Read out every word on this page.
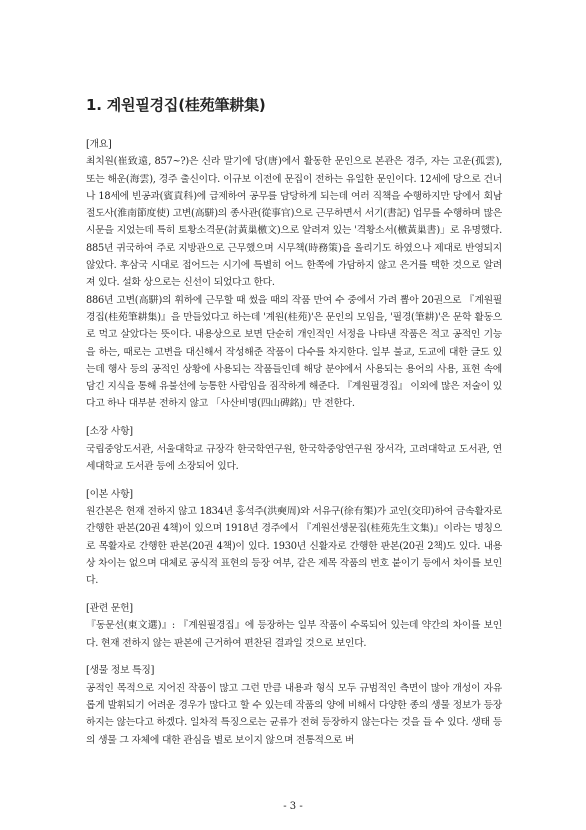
1. 계원필경집(桂苑筆耕集)
[개요]

최치원(崔致遠, 857~?)은 신라 말기에 당(唐)에서 활동한 문인으로 본관은 경주, 자는 고운(孤雲), 또는 해운(海雲), 경주 출신이다. 이규보 이전에 문집이 전하는 유일한 문인이다. 12세에 당으로 건너나 18세에 빈공과(賓貢科)에 급제하여 공무를 담당하게 되는데 여러 직책을 수행하지만 당에서 회남절도사(淮南節度使) 고변(高駢)의 종사관(從事官)으로 근무하면서 서기(書記) 업무를 수행하며 많은 시문을 지었는데 특히 토황소격문(討黃巢檄文)으로 알려져 있는 '격황소서(檄黃巢書)」로 유명했다. 885년 귀국하여 주로 지방관으로 근무했으며 시무책(時務策)을 올리기도 하였으나 제대로 반영되지 않았다. 후삼국 시대로 접어드는 시기에 특별히 어느 한쪽에 가담하지 않고 은거를 택한 것으로 알려져 있다. 설화 상으로는 신선이 되었다고 한다.

886년 고변(高駢)의 휘하에 근무할 때 썼을 때의 작품 만여 수 중에서 가려 뽑아 20권으로 『계원필경집(桂苑筆耕集)』을 만들었다고 하는데 '계원(桂苑)'은 문인의 모임을, '필경(筆耕)'은 문학 활동으로 먹고 살았다는 뜻이다. 내용상으로 보면 단순히 개인적인 서정을 나타낸 작품은 적고 공적인 기능을 하는, 때로는 고변을 대신해서 작성해준 작품이 다수를 차지한다. 일부 불교, 도교에 대한 글도 있는데 행사 등의 공적인 상황에 사용되는 작품들인데 해당 분야에서 사용되는 용어의 사용, 표현 속에 담긴 지식을 통해 유불선에 능통한 사람임을 짐작하게 해준다. 『계원필경집』 이외에 많은 저술이 있다고 하나 대부분 전하지 않고 「사산비명(四山碑銘)」만 전한다.

[소장 사항]

국립중앙도서관, 서울대학교 규장각 한국학연구원, 한국학중앙연구원 장서각, 고려대학교 도서관, 연세대학교 도서관 등에 소장되어 있다.

[이본 사항]

원간본은 현재 전하지 않고 1834년 홍석주(洪奭周)와 서유구(徐有榘)가 교인(交印)하여 금속활자로 간행한 판본(20권 4책)이 있으며 1918년 경주에서 『계원선생문집(桂苑先生文集)』이라는 명칭으로 목활자로 간행한 판본(20권 4책)이 있다. 1930년 신활자로 간행한 판본(20권 2책)도 있다. 내용상 차이는 없으며 대체로 공식적 표현의 등장 여부, 같은 제목 작품의 번호 붙이기 등에서 차이를 보인다.

[관련 문헌]

『동문선(東文選)』: 『계원필경집』에 등장하는 일부 작품이 수록되어 있는데 약간의 차이를 보인다. 현재 전하지 않는 판본에 근거하여 편찬된 결과일 것으로 보인다.

[생물 정보 특징]

공적인 목적으로 지어진 작품이 많고 그런 만큼 내용과 형식 모두 규범적인 측면이 많아 개성이 자유롭게 발휘되기 어려운 경우가 많다고 할 수 있는데 작품의 양에 비해서 다양한 종의 생물 정보가 등장하지는 않는다고 하겠다. 일차적 특징으로는 균류가 전혀 등장하지 않는다는 것을 들 수 있다. 생태 등의 생물 그 자체에 대한 관심을 별로 보이지 않으며 전통적으로 버

- 3 -
